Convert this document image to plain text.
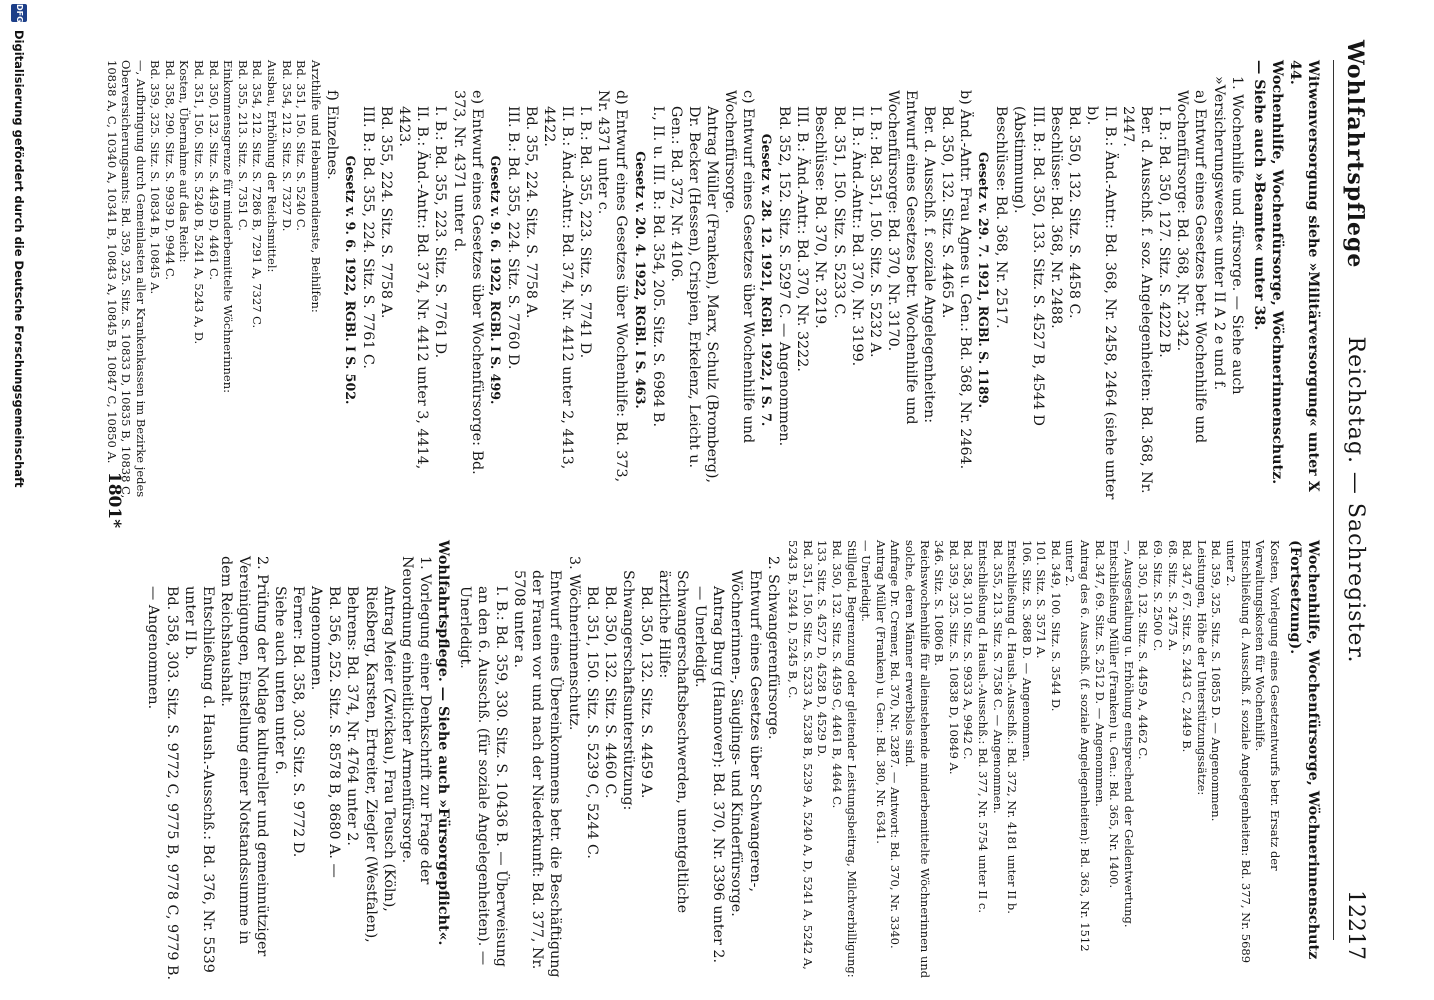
Wohlfahrtspflege
Reichstag. — Sachregister.
12217

Witwenversorgung siehe »Militärversorgung« unter X 44.

Wochenhilfe, Wochenfürsorge, Wöchnerinnenschutz. — Siehe auch »Beamte« unter 38.

1. Wochenhilfe und -fürsorge. — Siehe auch »Versicherungswesen« unter II A 2 e und f.

a) Entwurf eines Gesetzes betr. Wochenhilfe und Wochenfürsorge: Bd. 368, Nr. 2342.

I. B.: Bd. 350, 127. Sitz. S. 4222 B.

Ber. d. Ausschß. f. soz. Angelegenheiten: Bd. 368, Nr. 2447.

II. B.: Änd.-Antr.: Bd. 368, Nr. 2458, 2464 (siehe unter b).

Bd. 350, 132. Sitz. S. 4458 C.

Beschlüsse: Bd. 368, Nr. 2488.

III. B.: Bd. 350, 133. Sitz. S. 4527 B, 4544 D (Abstimmung).

Beschlüsse: Bd. 368, Nr. 2517.

Gesetz v. 29. 7. 1921, RGBl. S. 1189.

b) Änd.-Antr. Frau Agnes u. Gen.: Bd. 368, Nr. 2464.

Bd. 350, 132. Sitz. S. 4465 A.

Ber. d. Ausschß. f. soziale Angelegenheiten:

Entwurf eines Gesetzes betr. Wochenhilfe und Wochenfürsorge: Bd. 370, Nr. 3170.

I. B.: Bd. 351, 150. Sitz. S. 5232 A.

II. B.: Änd.-Antr.: Bd. 370, Nr. 3199.

Bd. 351, 150. Sitz. S. 5233 C.

Beschlüsse: Bd. 370, Nr. 3219.

III. B.: Änd.-Antr.: Bd. 370, Nr. 3222.

Bd. 352, 152. Sitz. S. 5297 C. — Angenommen.

Gesetz v. 28. 12. 1921, RGBl. 1922, I S. 7.

c) Entwurf eines Gesetzes über Wochenhilfe und Wochenfürsorge.

Antrag Müller (Franken), Marx, Schulz (Bromberg), Dr. Becker (Hessen), Crispien, Erkelenz, Leicht u. Gen.: Bd. 372, Nr. 4106.

I., II. u. III. B.: Bd. 354, 205. Sitz. S. 6984 B.

Gesetz v. 20. 4. 1922, RGBl. I S. 463.

d) Entwurf eines Gesetzes über Wochenhilfe: Bd. 373, Nr. 4371 unter c.

I. B.: Bd. 355, 223. Sitz. S. 7741 D.

II. B.: Änd.-Antr.: Bd. 374, Nr. 4412 unter 2, 4413, 4422.

Bd. 355, 224. Sitz. S. 7758 A.

III. B.: Bd. 355, 224. Sitz. S. 7760 D.

Gesetz v. 9. 6. 1922, RGBl. I S. 499.

e) Entwurf eines Gesetzes über Wochenfürsorge: Bd. 373, Nr. 4371 unter d.

I. B.: Bd. 355, 223. Sitz. S. 7761 D.

II. B.: Änd.-Antr.: Bd. 374, Nr. 4412 unter 3, 4414, 4423.

Bd. 355, 224. Sitz. S. 7758 A.

III. B.: Bd. 355, 224. Sitz. S. 7761 C.

Gesetz v. 9. 6. 1922, RGBl. I S. 502.

f) Einzelnes.

Arzthilfe und Hebammendienste, Beihilfen:

Bd. 351, 150. Sitz. S. 5240 C.

Bd. 354, 212. Sitz. S. 7327 D.

Ausbau, Erhöhung der Reichsmittel:

Bd. 354, 212. Sitz. S. 7286 B, 7291 A, 7327 C.

Bd. 355, 213. Sitz. S. 7351 C.

Einkommensgrenze für minderbemittelte Wöchnerinnen:

Bd. 350, 132. Sitz. S. 4459 D, 4461 C.

Bd. 351, 150. Sitz. S. 5240 B, 5241 A, 5243 A, D.

Kosten, Übernahme auf das Reich:

Bd. 358, 290. Sitz. S. 9939 D, 9944 C.

Bd. 359, 325. Sitz. S. 10834 B, 10845 A.

—, Aufbringung durch Gemeinlasten aller Krankenkassen im Bezirke jedes Oberversicherungsamts: Bd. 359, 325. Sitz. S. 10833 D, 10835 B, 10838 C, 10838 A, C, 10340 A, 10341 B, 10843 A, 10845 B, 10847 C, 10850 A.

Wochenhilfe, Wochenfürsorge, Wöchnerinnenschutz (Fortsetzung).

Kosten, Vorlegung eines Gesetzentwurfs betr. Ersatz der Verwaltungskosten für Wochenhilfe.

Entschließung d. Ausschß. f. soziale Angelegenheiten: Bd. 377, Nr. 5689 unter 2.

Bd. 359, 325. Sitz. S. 10855 D. — Angenommen.

Leistungen, Höhe der Unterstützungssätze:

Bd. 347, 67. Sitz. S. 2443 C, 2449 B.

68. Sitz. S. 2475 A.

69. Sitz. S. 2500 C.

Bd. 350, 132. Sitz. S. 4459 A, 4462 C.

—, Ausgestaltung u. Erhöhung entsprechend der Geldentwertung.

Entschließung Müller (Franken) u. Gen.: Bd. 365, Nr. 1400.

Bd. 347, 69. Sitz. S. 2512 D. — Angenommen.

Antrag des 6. Ausschß. (f. soziale Angelegenheiten): Bd. 363, Nr. 1512 unter 2.

Bd. 349, 100. Sitz. S. 3544 D.

101. Sitz. S. 3571 A.

106. Sitz. S. 3688 D. — Angenommen.

Entschließung d. Haush.-Ausschß.: Bd. 372, Nr. 4181 unter II b.

Bd. 355, 213. Sitz. S. 7358 C. — Angenommen.

Entschließung d. Haush.-Ausschß.: Bd. 377, Nr. 5754 unter II c.

Bd. 358, 310. Sitz. S. 9933 A, 9942 C.

Bd. 359, 325. Sitz. S. 10838 D, 10849 A.

346. Sitz. S. 10806 B.

Reichswochenhilfe für alleinstehende minderbemittelte Wöchnerinnen und solche, deren Männer erwerbslos sind.

Anfrage Dr. Cremer, Bd. 370, Nr. 3287. — Antwort: Bd. 370, Nr. 3340.

Antrag Müller (Franken) u. Gen.: Bd. 380, Nr. 6341.

— Unerledigt.

Stillgeld, Begrenzung oder gleitender Leistungsbeitrag, Milchverbilligung:

Bd. 350, 132. Sitz. S. 4459 C, 4461 B, 4464 C.

133. Sitz. S. 4527 D, 4528 D, 4529 D.

Bd. 351, 150. Sitz. S. 5233 A, 5238 B, 5239 A, 5240 A, D, 5241 A, 5242 A, 5243 B, 5244 D, 5245 B, C.

2. Schwangerenfürsorge.

Entwurf eines Gesetzes über Schwangeren-, Wöchnerinnen-, Säuglings- und Kinderfürsorge.

Antrag Burg (Hannover): Bd. 370, Nr. 3396 unter 2. — Unerledigt.

Schwangerschaftsbeschwerden, unentgeltliche ärztliche Hilfe:

Bd. 350, 132. Sitz. S. 4459 A.

Schwangerschaftsunterstützung:

Bd. 350, 132. Sitz. S. 4460 C.

Bd. 351, 150. Sitz. S. 5239 C, 5244 C.

3. Wöchnerinnenschutz.

Entwurf eines Übereinkommens betr. die Beschäftigung der Frauen vor und nach der Niederkunft: Bd. 377, Nr. 5708 unter a.

I. B.: Bd. 359, 330. Sitz. S. 10436 B. — Überweisung an den 6. Ausschß. (für soziale Angelegenheiten). — Unerledigt.

Wohlfahrtspflege. — Siehe auch »Fürsorgepflicht«.

1. Vorlegung einer Denkschrift zur Frage der Neuordnung einheitlicher Armenfürsorge.

Antrag Meier (Zwickau), Frau Teusch (Köln), Rießberg, Karsten, Ertreiter, Ziegler (Westfalen), Behrens: Bd. 374, Nr. 4764 unter 2.

Bd. 356, 252. Sitz. S. 8578 B, 8680 A. — Angenommen.

Ferner: Bd. 358, 303. Sitz. S. 9772 D.

Siehe auch unten unter 6.

2. Prüfung der Notlage kultureller und gemeinnütziger Vereinigungen, Einstellung einer Notstandssumme in dem Reichshaushalt.

Entschließung d. Haush.-Ausschß.: Bd. 376, Nr. 5539 unter II b.

Bd. 358, 303. Sitz. S. 9772 C, 9775 B, 9778 C, 9779 B. — Angenommen.

1801*
DFG
Digitalisierung gefördert durch die Deutsche Forschungsgemeinschaft
